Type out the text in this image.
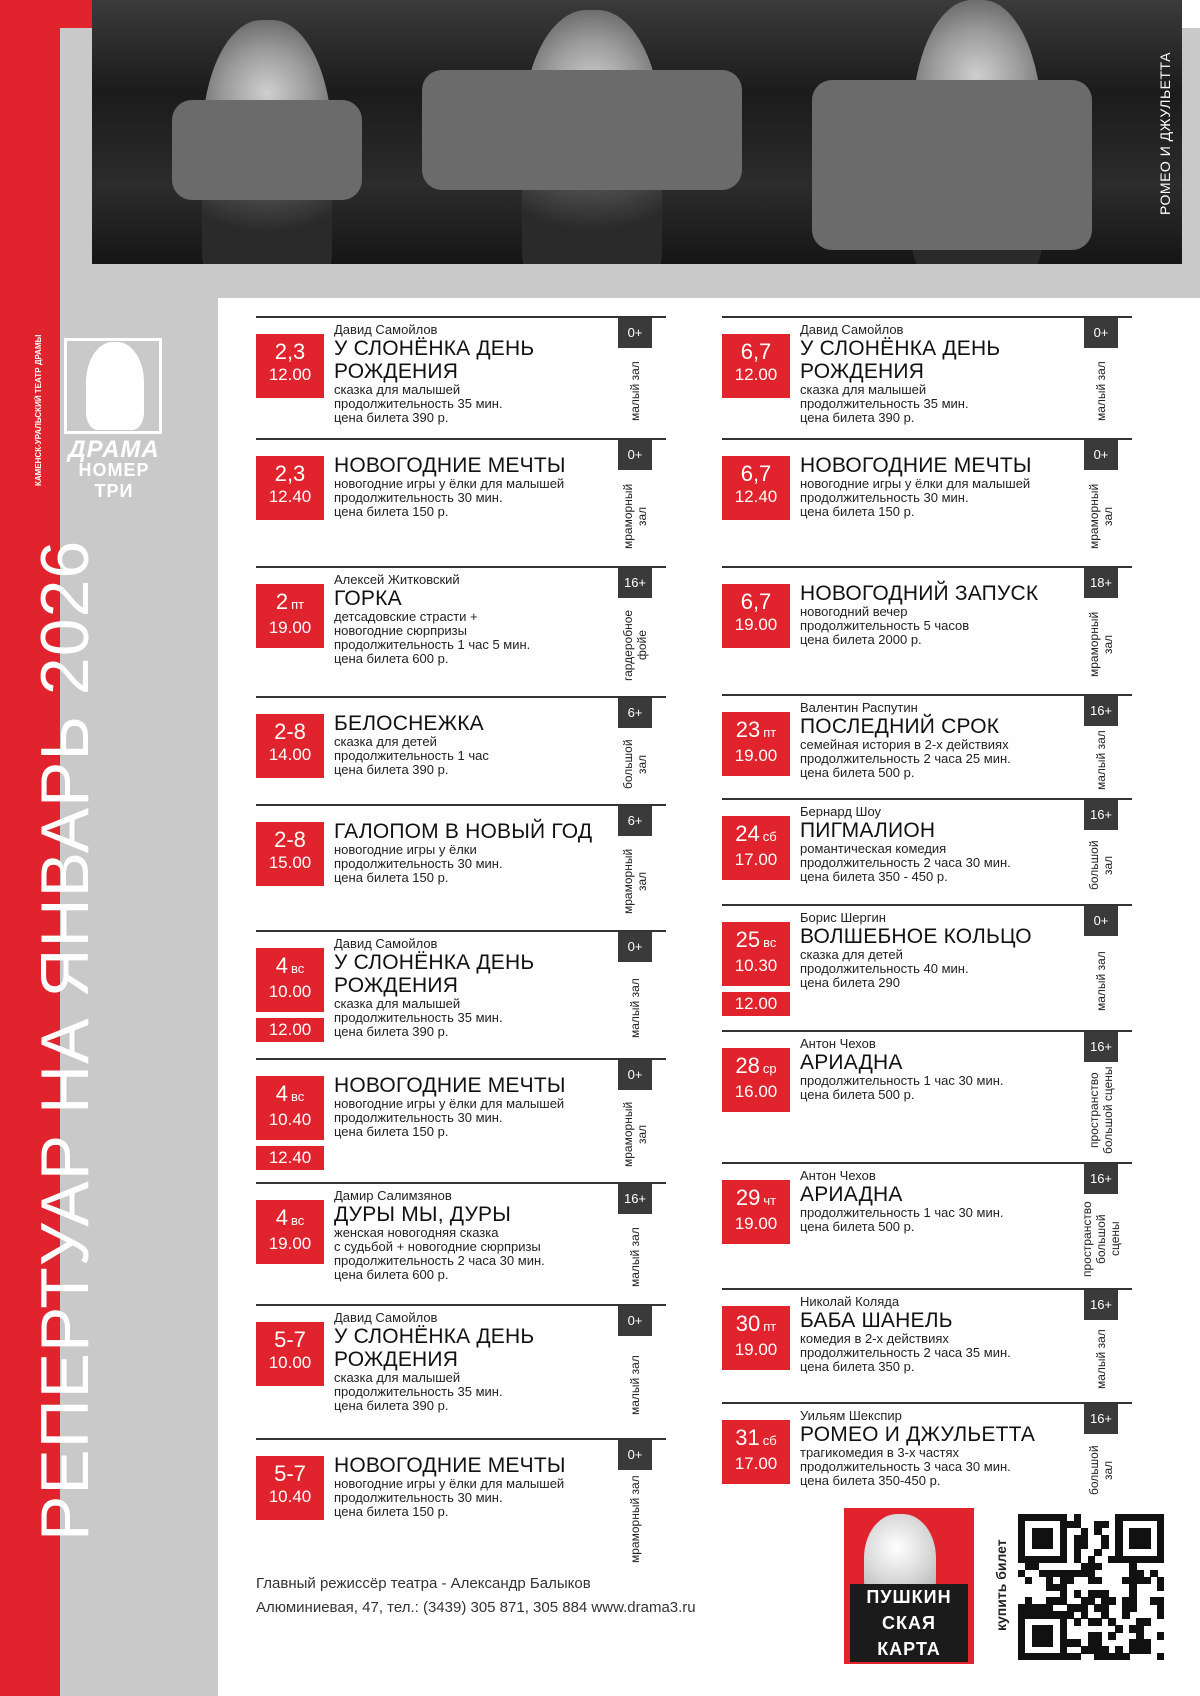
РОМЕО И ДЖУЛЬЕТТА
КАМЕНСК-УРАЛЬСКИЙ ТЕАТР ДРАМЫ	ДРАМА
НОМЕР ТРИ
РЕПЕРТУАР НА ЯНВАРЬ 2026
2,3
12.00
Давид Самойлов
У СЛОНЁНКА ДЕНЬ РОЖДЕНИЯ
сказка для малышей
продолжительность 35 мин.
цена билета 390 р.
0+
малый зал
2,3
12.40
НОВОГОДНИЕ МЕЧТЫ
новогодние игры у ёлки для малышей
продолжительность 30 мин.
цена билета 150 р.
0+
мраморный зал
2 пт
19.00
Алексей Житковский
ГОРКА
детсадовские страсти +
новогодние сюрпризы
продолжительность 1 час 5 мин.
цена билета 600 р.
16+
гардеробное фойе
2-8
14.00
БЕЛОСНЕЖКА
сказка для детей
продолжительность 1 час
цена билета 390 р.
6+
большой зал
2-8
15.00
ГАЛОПОМ В НОВЫЙ ГОД
новогодние игры у ёлки
продолжительность 30 мин.
цена билета 150 р.
6+
мраморный зал
4 вс
10.00
12.00
Давид Самойлов
У СЛОНЁНКА ДЕНЬ РОЖДЕНИЯ
сказка для малышей
продолжительность 35 мин.
цена билета 390 р.
0+
малый зал
4 вс
10.40
12.40
НОВОГОДНИЕ МЕЧТЫ
новогодние игры у ёлки для малышей
продолжительность 30 мин.
цена билета 150 р.
0+
мраморный зал
4 вс
19.00
Дамир Салимзянов
ДУРЫ МЫ, ДУРЫ
женская новогодняя сказка
с судьбой + новогодние сюрпризы
продолжительность 2 часа 30 мин.
цена билета 600 р.
16+
малый зал
5-7
10.00
Давид Самойлов
У СЛОНЁНКА ДЕНЬ РОЖДЕНИЯ
сказка для малышей
продолжительность 35 мин.
цена билета 390 р.
0+
малый зал
5-7
10.40
НОВОГОДНИЕ МЕЧТЫ
новогодние игры у ёлки для малышей
продолжительность 30 мин.
цена билета 150 р.
0+
мраморный зал
6,7
12.00
Давид Самойлов
У СЛОНЁНКА ДЕНЬ РОЖДЕНИЯ
сказка для малышей
продолжительность 35 мин.
цена билета 390 р.
0+
малый зал
6,7
12.40
НОВОГОДНИЕ МЕЧТЫ
новогодние игры у ёлки для малышей
продолжительность 30 мин.
цена билета 150 р.
0+
мраморный зал
6,7
19.00
НОВОГОДНИЙ ЗАПУСК
новогодний вечер
продолжительность 5 часов
цена билета 2000 р.
18+
мраморный зал
23 пт
19.00
Валентин Распутин
ПОСЛЕДНИЙ СРОК
семейная история в 2-х действиях
продолжительность 2 часа 25 мин.
цена билета 500 р.
16+
малый зал
24 сб
17.00
Бернард Шоу
ПИГМАЛИОН
романтическая комедия
продолжительность 2 часа 30 мин.
цена билета 350 - 450 р.
16+
большой зал
25 вс
10.30
12.00
Борис Шергин
ВОЛШЕБНОЕ КОЛЬЦО
сказка для детей
продолжительность 40 мин.
цена билета 290
0+
малый зал
28 ср
16.00
Антон Чехов
АРИАДНА
продолжительность 1 час 30 мин.
цена билета 500 р.
16+
пространство большой сцены
29 чт
19.00
Антон Чехов
АРИАДНА
продолжительность 1 час 30 мин.
цена билета 500 р.
16+
пространство большой сцены
30 пт
19.00
Николай Коляда
БАБА ШАНЕЛЬ
комедия в 2-х действиях
продолжительность 2 часа 35 мин.
цена билета 350 р.
16+
малый зал
31 сб
17.00
Уильям Шекспир
РОМЕО И ДЖУЛЬЕТТА
трагикомедия в 3-х частях
продолжительность 3 часа 30 мин.
цена билета 350-450 р.
16+
большой зал
Главный режиссёр театра - Александр Балыков
Алюминиевая, 47, тел.: (3439) 305 871, 305 884 www.drama3.ru
ПУШКИН
СКАЯ
КАРТА
купить билет
